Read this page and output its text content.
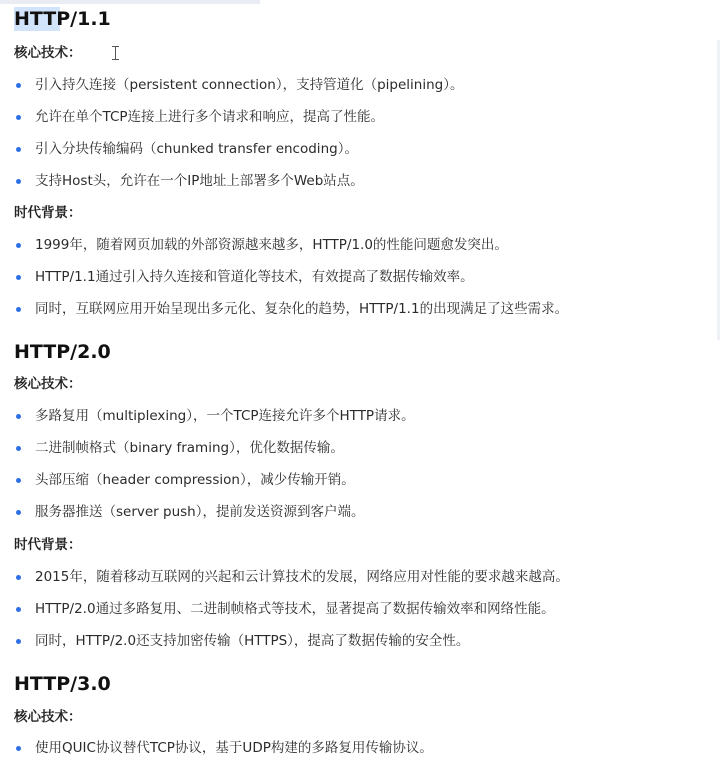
HTTP/1.1
核心技术：
引入持久连接（persistent connection），支持管道化（pipelining）。
允许在单个TCP连接上进行多个请求和响应，提高了性能。
引入分块传输编码（chunked transfer encoding）。
支持Host头，允许在一个IP地址上部署多个Web站点。
时代背景：
1999年，随着网页加载的外部资源越来越多，HTTP/1.0的性能问题愈发突出。
HTTP/1.1通过引入持久连接和管道化等技术，有效提高了数据传输效率。
同时，互联网应用开始呈现出多元化、复杂化的趋势，HTTP/1.1的出现满足了这些需求。
HTTP/2.0
核心技术：
多路复用（multiplexing），一个TCP连接允许多个HTTP请求。
二进制帧格式（binary framing），优化数据传输。
头部压缩（header compression），减少传输开销。
服务器推送（server push），提前发送资源到客户端。
时代背景：
2015年，随着移动互联网的兴起和云计算技术的发展，网络应用对性能的要求越来越高。
HTTP/2.0通过多路复用、二进制帧格式等技术，显著提高了数据传输效率和网络性能。
同时，HTTP/2.0还支持加密传输（HTTPS），提高了数据传输的安全性。
HTTP/3.0
核心技术：
使用QUIC协议替代TCP协议，基于UDP构建的多路复用传输协议。
